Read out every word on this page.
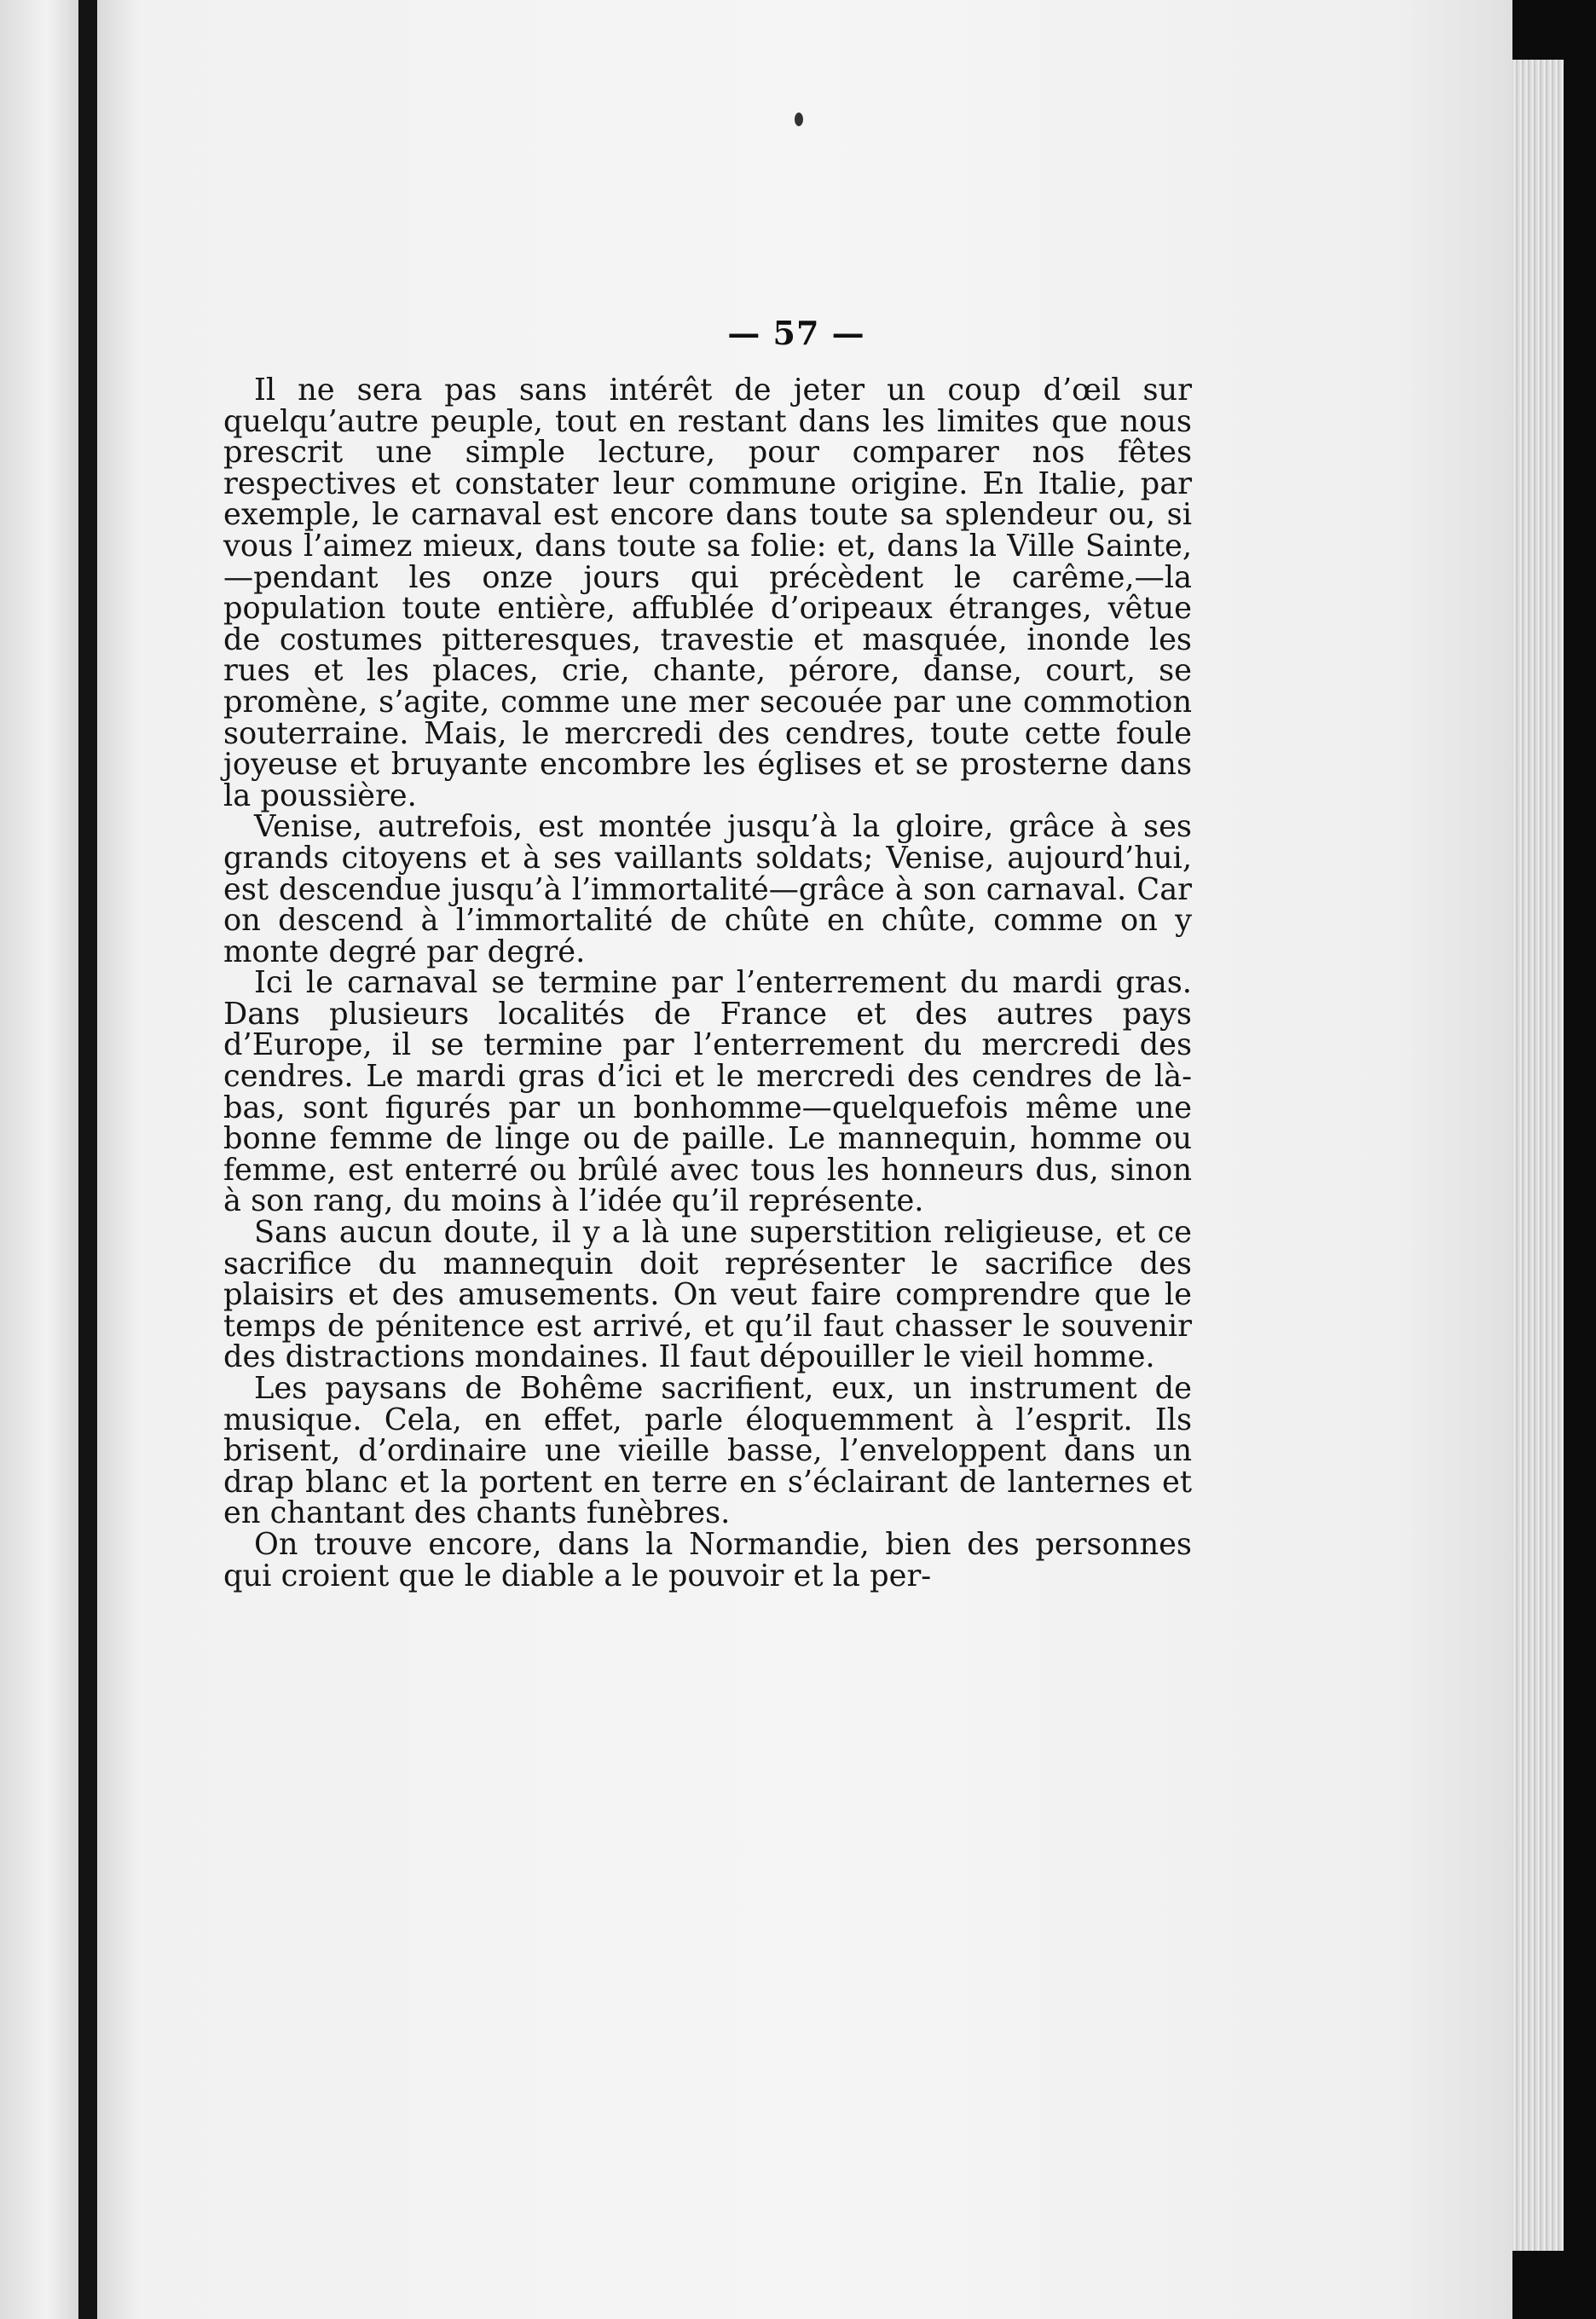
— 57 —

Il ne sera pas sans intérêt de jeter un coup d’œil sur quelqu’autre peuple, tout en restant dans les limites que nous prescrit une simple lecture, pour comparer nos fêtes respectives et constater leur commune origine. En Italie, par exemple, le carnaval est encore dans toute sa splendeur ou, si vous l’aimez mieux, dans toute sa folie: et, dans la Ville Sainte,—pendant les onze jours qui précèdent le carême,—la population toute entière, affublée d’oripeaux étranges, vêtue de costumes pitteresques, travestie et masquée, inonde les rues et les places, crie, chante, pérore, danse, court, se promène, s’agite, comme une mer secouée par une commotion souterraine. Mais, le mercredi des cendres, toute cette foule joyeuse et bruyante encombre les églises et se prosterne dans la poussière.

Venise, autrefois, est montée jusqu’à la gloire, grâce à ses grands citoyens et à ses vaillants soldats; Venise, aujourd’hui, est descendue jusqu’à l’immortalité—grâce à son carnaval. Car on descend à l’immortalité de chûte en chûte, comme on y monte degré par degré.

Ici le carnaval se termine par l’enterrement du mardi gras. Dans plusieurs localités de France et des autres pays d’Europe, il se termine par l’enterrement du mercredi des cendres. Le mardi gras d’ici et le mercredi des cendres de là-bas, sont figurés par un bonhomme—quelquefois même une bonne femme de linge ou de paille. Le mannequin, homme ou femme, est enterré ou brûlé avec tous les honneurs dus, sinon à son rang, du moins à l’idée qu’il représente.

Sans aucun doute, il y a là une superstition religieuse, et ce sacrifice du mannequin doit représenter le sacrifice des plaisirs et des amusements. On veut faire comprendre que le temps de pénitence est arrivé, et qu’il faut chasser le souvenir des distractions mondaines. Il faut dépouiller le vieil homme.

Les paysans de Bohême sacrifient, eux, un instrument de musique. Cela, en effet, parle éloquemment à l’esprit. Ils brisent, d’ordinaire une vieille basse, l’enveloppent dans un drap blanc et la portent en terre en s’éclairant de lanternes et en chantant des chants funèbres.

On trouve encore, dans la Normandie, bien des personnes qui croient que le diable a le pouvoir et la per-
